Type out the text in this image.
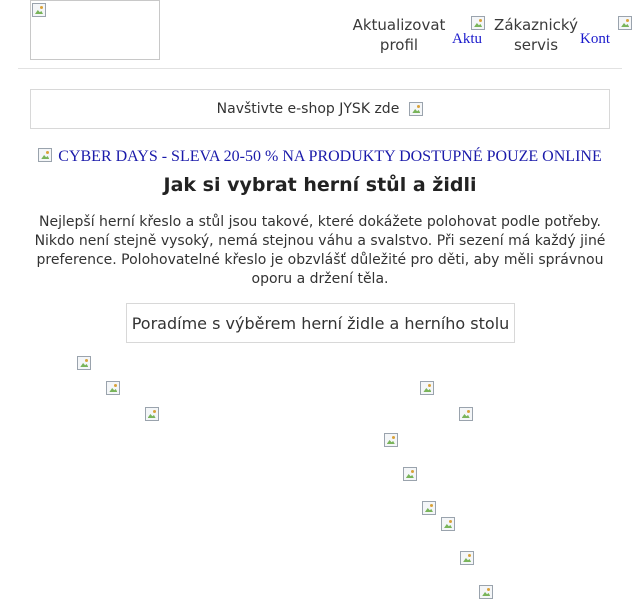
Aktualizovat
profil
	Aktu
Zákaznický
servis
	Kont
Navštivte e-shop JYSK zde
CYBER DAYS - SLEVA 20-50 % NA PRODUKTY DOSTUPNÉ POUZE ONLINE
Jak si vybrat herní stůl a židli
Nejlepší herní křeslo a stůl jsou takové, které dokážete polohovat podle potřeby. Nikdo není stejně vysoký, nemá stejnou váhu a svalstvo. Při sezení má každý jiné preference. Polohovatelné křeslo je obzvlášť důležité pro děti, aby měli správnou oporu a držení těla.
Poradíme s výběrem herní židle a herního stolu
